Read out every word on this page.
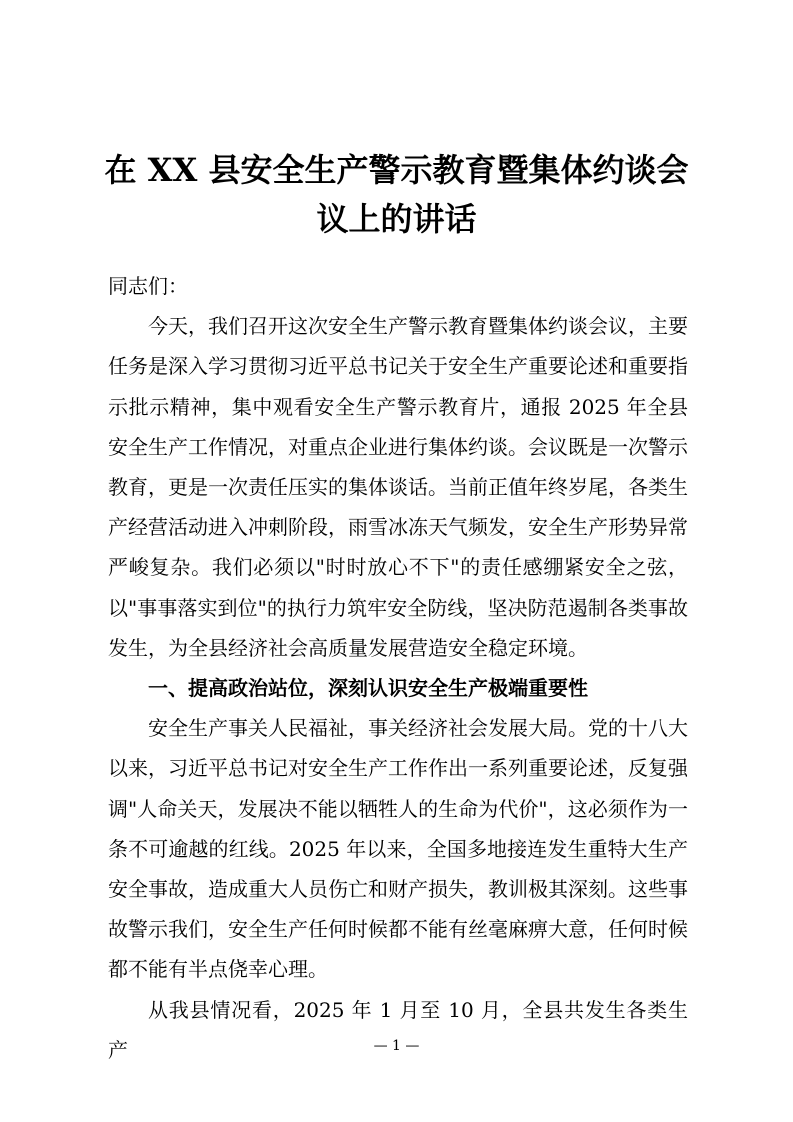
在 XX 县安全生产警示教育暨集体约谈会
议上的讲话

同志们：

今天，我们召开这次安全生产警示教育暨集体约谈会议，主要任务是深入学习贯彻习近平总书记关于安全生产重要论述和重要指示批示精神，集中观看安全生产警示教育片，通报 2025 年全县安全生产工作情况，对重点企业进行集体约谈。会议既是一次警示教育，更是一次责任压实的集体谈话。当前正值年终岁尾，各类生产经营活动进入冲刺阶段，雨雪冰冻天气频发，安全生产形势异常严峻复杂。我们必须以"时时放心不下"的责任感绷紧安全之弦，以"事事落实到位"的执行力筑牢安全防线，坚决防范遏制各类事故发生，为全县经济社会高质量发展营造安全稳定环境。

一、提高政治站位，深刻认识安全生产极端重要性

安全生产事关人民福祉，事关经济社会发展大局。党的十八大以来，习近平总书记对安全生产工作作出一系列重要论述，反复强调"人命关天，发展决不能以牺牲人的生命为代价"，这必须作为一条不可逾越的红线。2025 年以来，全国多地接连发生重特大生产安全事故，造成重大人员伤亡和财产损失，教训极其深刻。这些事故警示我们，安全生产任何时候都不能有丝毫麻痹大意，任何时候都不能有半点侥幸心理。

从我县情况看，2025 年 1 月至 10 月，全县共发生各类生产	— 1 —
